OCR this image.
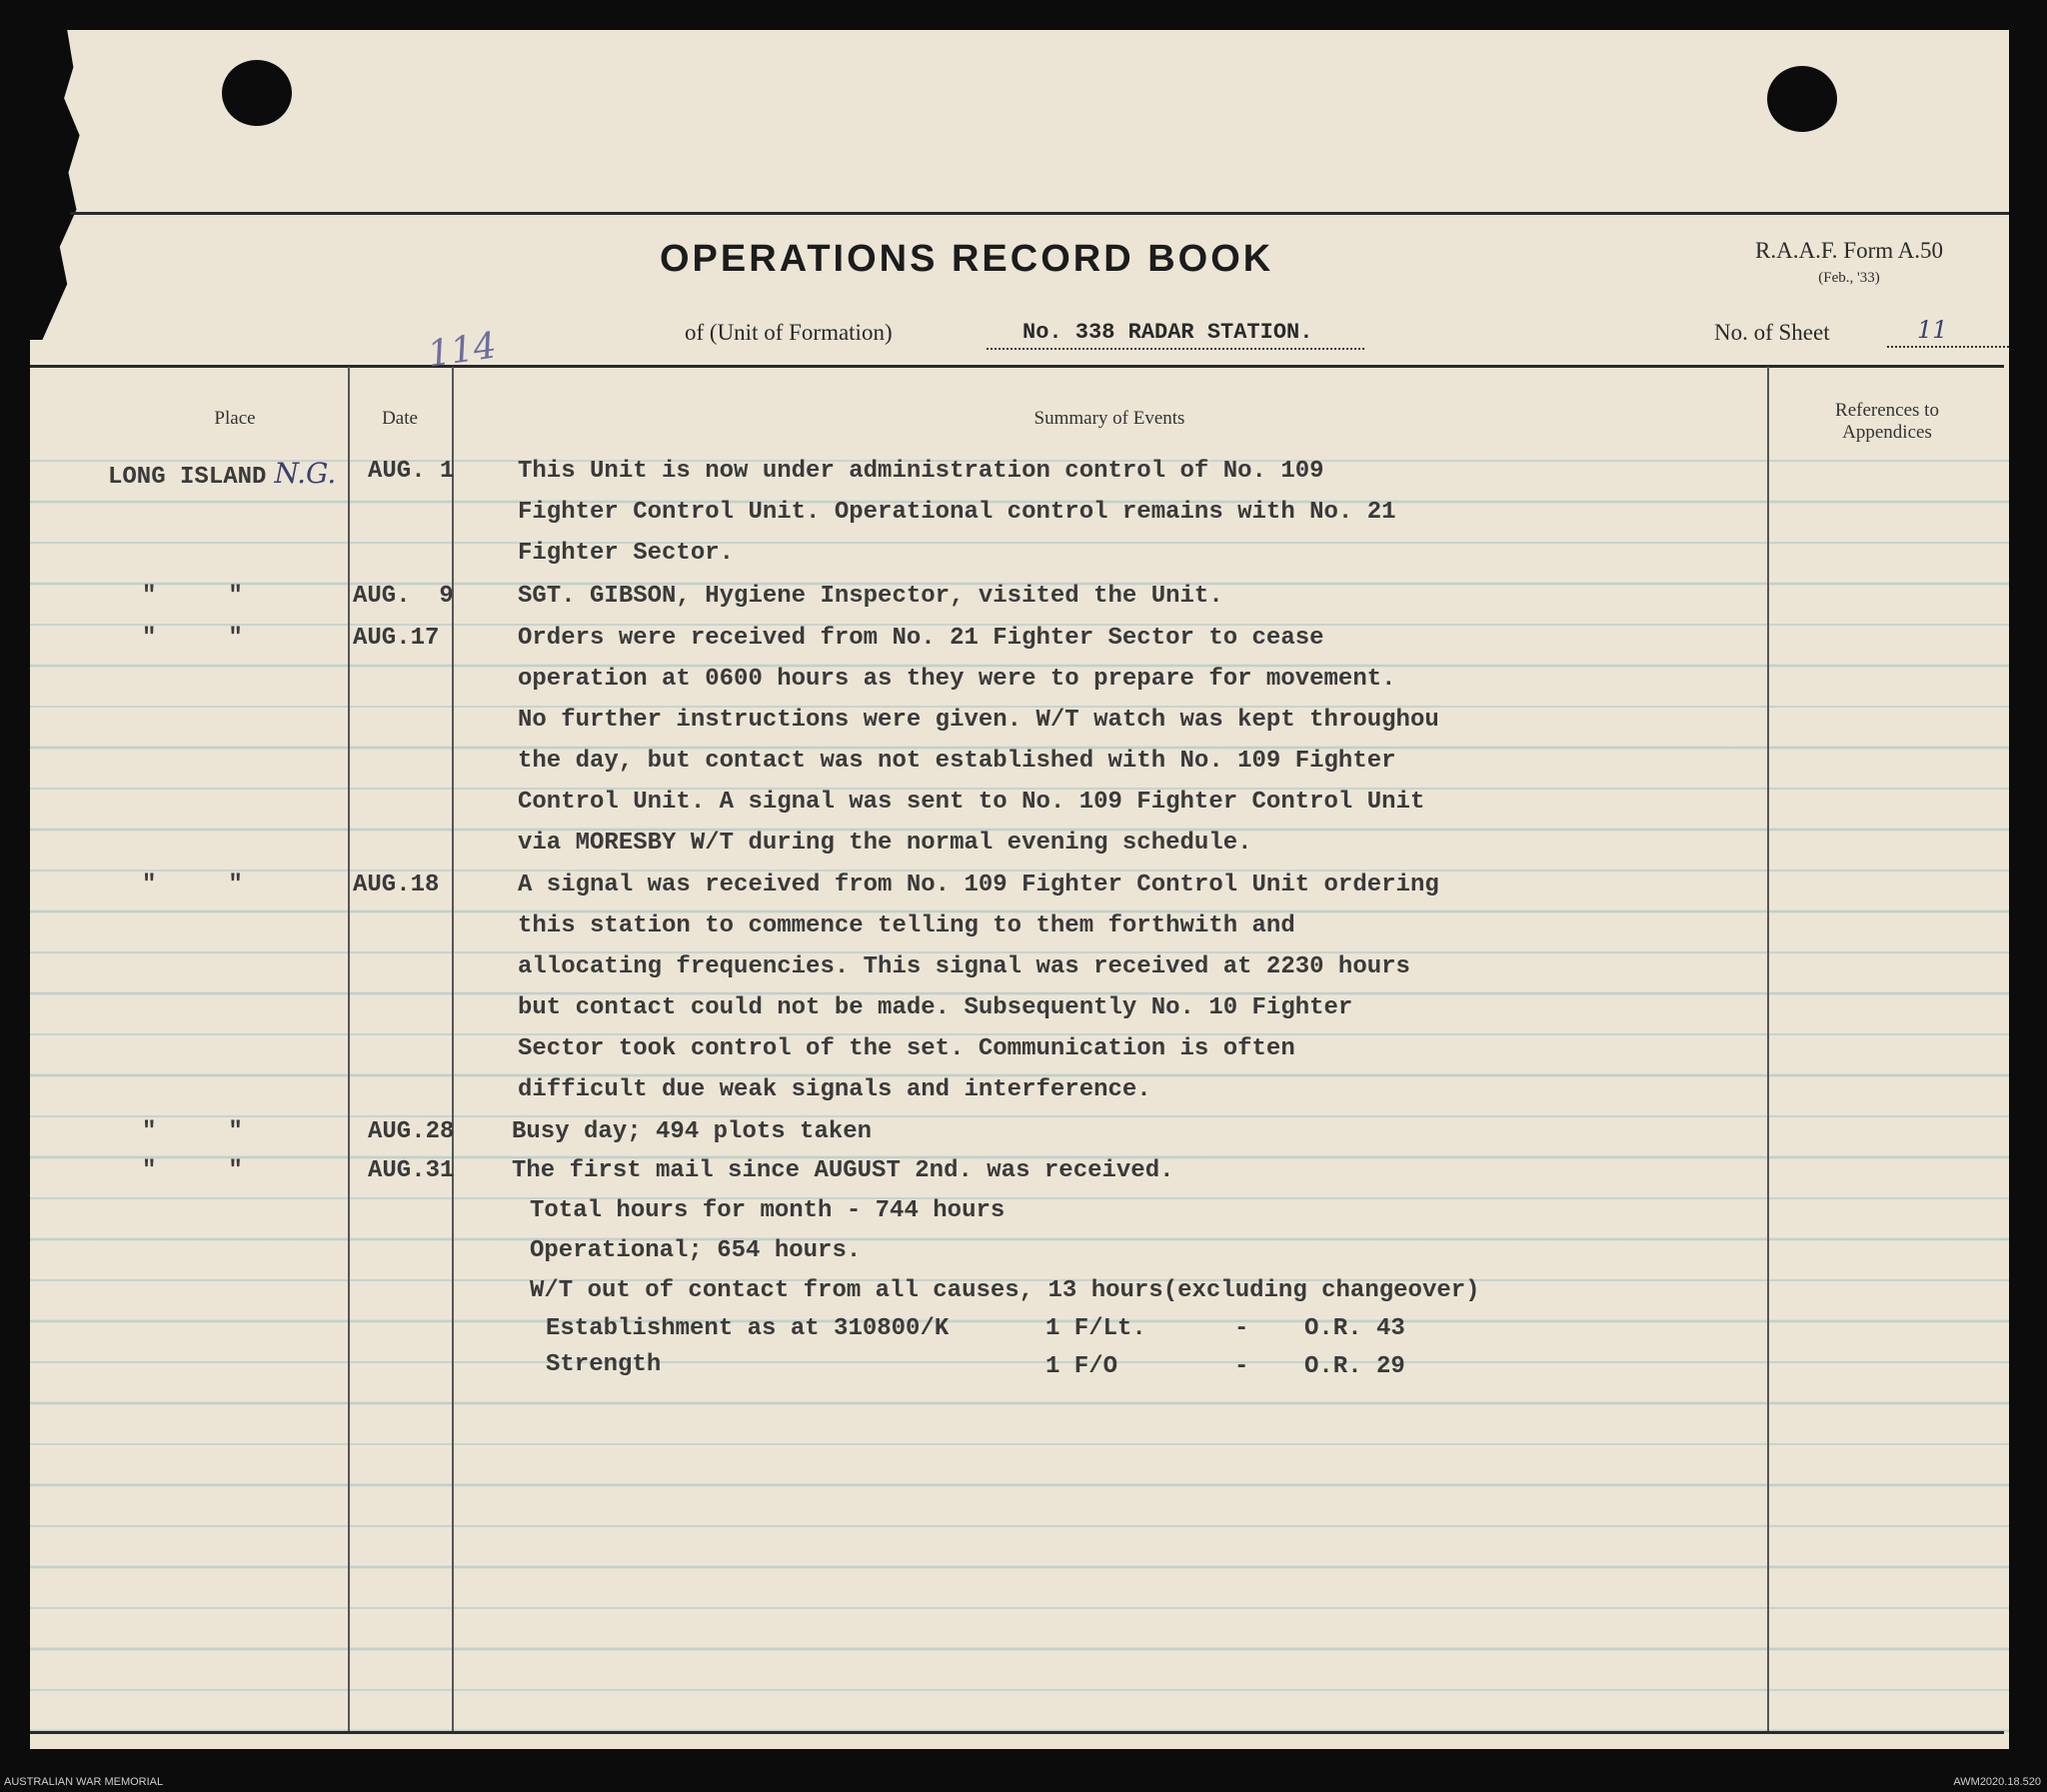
OPERATIONS RECORD BOOK	R.A.A.F. Form A.50
(Feb., '33)
of (Unit of Formation)	No. 338 RADAR STATION.	No. of Sheet	11
114
Place	Date	Summary of Events	References to
Appendices
LONG ISLAND N.G. AUG. 1	This Unit is now under administration control of No. 109
Fighter Control Unit. Operational control remains with No. 21
Fighter Sector.
"     "	AUG.  9	SGT. GIBSON, Hygiene Inspector, visited the Unit.
"     "	AUG.17	Orders were received from No. 21 Fighter Sector to cease
operation at 0600 hours as they were to prepare for movement.
No further instructions were given. W/T watch was kept throughou
the day, but contact was not established with No. 109 Fighter
Control Unit. A signal was sent to No. 109 Fighter Control Unit
via MORESBY W/T during the normal evening schedule.
"     "	AUG.18	A signal was received from No. 109 Fighter Control Unit ordering
this station to commence telling to them forthwith and
allocating frequencies. This signal was received at 2230 hours
but contact could not be made. Subsequently No. 10 Fighter
Sector took control of the set. Communication is often
difficult due weak signals and interference.
"     "	AUG.28 Busy day; 494 plots taken
"     "	AUG.31 The first mail since AUGUST 2nd. was received.
Total hours for month - 744 hours
Operational; 654 hours.
W/T out of contact from all causes, 13 hours(excluding changeover)
Establishment as at 310800/K	1 F/Lt.	- O.R. 43
Strength	1 F/O	- O.R. 29
AUSTRALIAN WAR MEMORIAL	AWM2020.18.520
